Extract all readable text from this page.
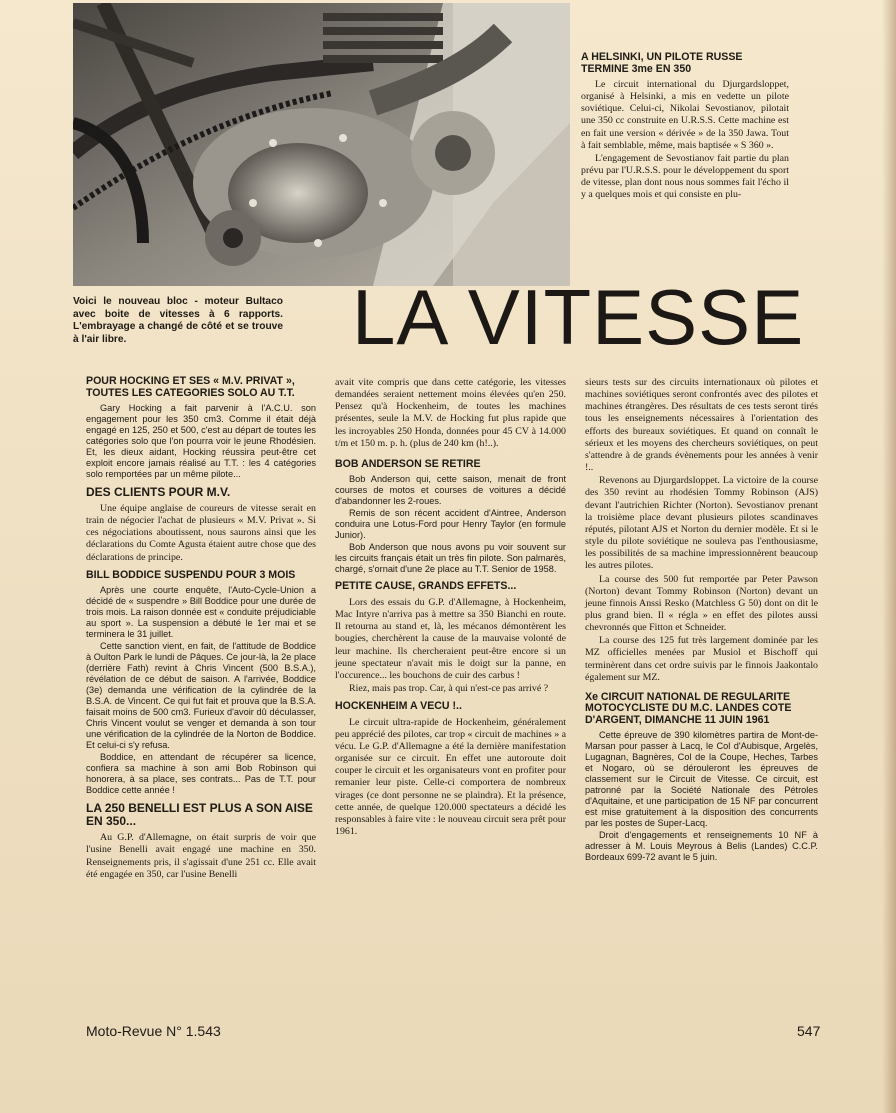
Voici le nouveau bloc - moteur Bultaco avec boite de vitesses à 6 rapports. L'embrayage a changé de côté et se trouve à l'air libre.	LA VITESSE
A HELSINKI, UN PILOTE RUSSE TERMINE 3me EN 350

Le circuit international du Djurgardsloppet, organisé à Helsinki, a mis en vedette un pilote soviétique. Celui-ci, Nikolai Sevostianov, pilotait une 350 cc construite en U.R.S.S. Cette machine est en fait une version « dérivée » de la 350 Jawa. Tout à fait semblable, même, mais baptisée « S 360 ».

L'engagement de Sevostianov fait partie du plan prévu par l'U.R.S.S. pour le développement du sport de vitesse, plan dont nous nous sommes fait l'écho il y a quelques mois et qui consiste en plu-

POUR HOCKING ET SES « M.V. PRIVAT », TOUTES LES CATEGORIES SOLO AU T.T.

Gary Hocking a fait parvenir à l'A.C.U. son engagement pour les 350 cm3. Comme il était déjà engagé en 125, 250 et 500, c'est au départ de toutes les catégories solo que l'on pourra voir le jeune Rhodésien. Et, les dieux aidant, Hocking réussira peut-être cet exploit encore jamais réalisé au T.T. : les 4 catégories solo remportées par un même pilote...

DES CLIENTS POUR M.V.

Une équipe anglaise de coureurs de vitesse serait en train de négocier l'achat de plusieurs « M.V. Privat ». Si ces négociations aboutissent, nous saurons ainsi que les déclarations du Comte Agusta étaient autre chose que des déclarations de principe.

BILL BODDICE SUSPENDU POUR 3 MOIS

Après une courte enquête, l'Auto-Cycle-Union a décidé de « suspendre » Bill Boddice pour une durée de trois mois. La raison donnée est « conduite préjudiciable au sport ». La suspension a débuté le 1er mai et se terminera le 31 juillet.

Cette sanction vient, en fait, de l'attitude de Boddice à Oulton Park le lundi de Pâques. Ce jour-là, la 2e place (derrière Fath) revint à Chris Vincent (500 B.S.A.), révélation de ce début de saison. A l'arrivée, Boddice (3e) demanda une vérification de la cylindrée de la B.S.A. de Vincent. Ce qui fut fait et prouva que la B.S.A. faisait moins de 500 cm3. Furieux d'avoir dû déculasser, Chris Vincent voulut se venger et demanda à son tour une vérification de la cylindrée de la Norton de Boddice. Et celui-ci s'y refusa.

Boddice, en attendant de récupérer sa licence, confiera sa machine à son ami Bob Robinson qui honorera, à sa place, ses contrats... Pas de T.T. pour Boddice cette année !

LA 250 BENELLI EST PLUS A SON AISE EN 350...

Au G.P. d'Allemagne, on était surpris de voir que l'usine Benelli avait engagé une machine en 350. Renseignements pris, il s'agissait d'une 251 cc. Elle avait été engagée en 350, car l'usine Benelli

avait vite compris que dans cette catégorie, les vitesses demandées seraient nettement moins élevées qu'en 250. Pensez qu'à Hockenheim, de toutes les machines présentes, seule la M.V. de Hocking fut plus rapide que les incroyables 250 Honda, données pour 45 CV à 14.000 t/m et 150 m. p. h. (plus de 240 km (h!..).

BOB ANDERSON SE RETIRE

Bob Anderson qui, cette saison, menait de front courses de motos et courses de voitures a décidé d'abandonner les 2-roues.

Remis de son récent accident d'Aintree, Anderson conduira une Lotus-Ford pour Henry Taylor (en formule Junior).

Bob Anderson que nous avons pu voir souvent sur les circuits français était un très fin pilote. Son palmarès, chargé, s'ornait d'une 2e place au T.T. Senior de 1958.

PETITE CAUSE, GRANDS EFFETS...

Lors des essais du G.P. d'Allemagne, à Hockenheim, Mac Intyre n'arriva pas à mettre sa 350 Bianchi en route. Il retourna au stand et, là, les mécanos démontèrent les bougies, cherchèrent la cause de la mauvaise volonté de leur machine. Ils chercheraient peut-être encore si un jeune spectateur n'avait mis le doigt sur la panne, en l'occurence... les bouchons de cuir des carbus !

Riez, mais pas trop. Car, à qui n'est-ce pas arrivé ?

HOCKENHEIM A VECU !..

Le circuit ultra-rapide de Hockenheim, généralement peu apprécié des pilotes, car trop « circuit de machines » a vécu. Le G.P. d'Allemagne a été la dernière manifestation organisée sur ce circuit. En effet une autoroute doit couper le circuit et les organisateurs vont en profiter pour remanier leur piste. Celle-ci comportera de nombreux virages (ce dont personne ne se plaindra). Et la présence, cette année, de quelque 120.000 spectateurs a décidé les responsables à faire vite : le nouveau circuit sera prêt pour 1961.

sieurs tests sur des circuits internationaux où pilotes et machines soviétiques seront confrontés avec des pilotes et machines étrangères. Des résultats de ces tests seront tirés tous les enseignements nécessaires à l'orientation des efforts des bureaux soviétiques. Et quand on connaît le sérieux et les moyens des chercheurs soviétiques, on peut s'attendre à de grands évènements pour les années à venir !..

Revenons au Djurgardsloppet. La victoire de la course des 350 revint au rhodésien Tommy Robinson (AJS) devant l'autrichien Richter (Norton). Sevostianov prenant la troisième place devant plusieurs pilotes scandinaves réputés, pilotant AJS et Norton du dernier modèle. Et si le style du pilote soviétique ne souleva pas l'enthousiasme, les possibilités de sa machine impressionnèrent beaucoup les autres pilotes.

La course des 500 fut remportée par Peter Pawson (Norton) devant Tommy Robinson (Norton) devant un jeune finnois Anssi Resko (Matchless G 50) dont on dit le plus grand bien. Il « régla » en effet des pilotes aussi chevronnés que Fitton et Schneider.

La course des 125 fut très largement dominée par les MZ officielles menées par Musiol et Bischoff qui terminèrent dans cet ordre suivis par le finnois Jaakontalo également sur MZ.

Xe CIRCUIT NATIONAL DE REGULARITE MOTOCYCLISTE DU M.C. LANDES COTE D'ARGENT, DIMANCHE 11 JUIN 1961

Cette épreuve de 390 kilomètres partira de Mont-de-Marsan pour passer à Lacq, le Col d'Aubisque, Argelès, Lugagnan, Bagnères, Col de la Coupe, Heches, Tarbes et Nogaro, où se dérouleront les épreuves de classement sur le Circuit de Vitesse. Ce circuit, est patronné par la Société Nationale des Pétroles d'Aquitaine, et une participation de 15 NF par concurrent est mise gratuitement à la disposition des concurrents par les postes de Super-Lacq.

Droit d'engagements et renseignements 10 NF à adresser à M. Louis Meyrous à Belis (Landes) C.C.P. Bordeaux 699-72 avant le 5 juin.

Moto-Revue N° 1.543	547
